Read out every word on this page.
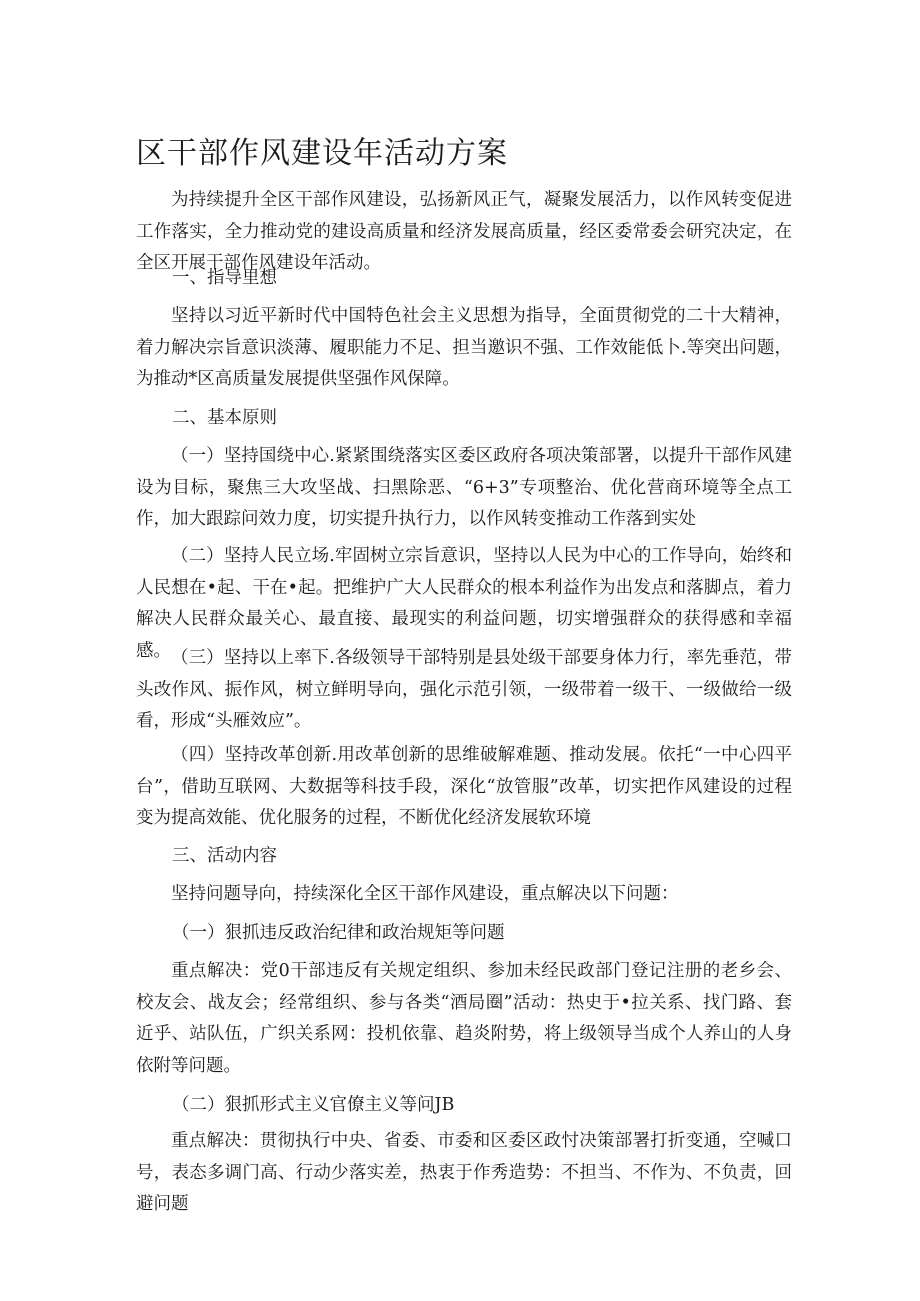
区干部作风建设年活动方案

为持续提升全区干部作风建设，弘扬新风正气，凝聚发展活力，以作风转变促进工作落实，全力推动党的建设高质量和经济发展高质量，经区委常委会研究决定，在全区开展干部作风建设年活动。

一、指导里想

坚持以习近平新时代中国特色社会主义思想为指导，全面贯彻党的二十大精神，着力解决宗旨意识淡薄、履职能力不足、担当邀识不强、工作效能低卜.等突出问题，为推动*区高质量发展提供坚强作风保障。

二、基本原则

（一）坚持国绕中心.紧紧围绕落实区委区政府各项决策部署，以提升干部作风建设为目标，聚焦三大攻坚战、扫黑除恶、“6+3”专项整治、优化营商环境等全点工作，加大跟踪问效力度，切实提升执行力，以作风转变推动工作落到实处

（二）坚持人民立场.牢固树立宗旨意识，坚持以人民为中心的工作导向，始终和人民想在•起、干在•起。把维护广大人民群众的根本利益作为出发点和落脚点，着力解决人民群众最关心、最直接、最现实的利益问题，切实增强群众的获得感和幸福感。 （三）坚持以上率下.各级领导干部特别是县处级干部要身体力行，率先垂范，带头改作风、振作风，树立鲜明导向，强化示范引领，一级带着一级干、一级做给一级看，形成“头雁效应”。

（四）坚持改革创新.用改革创新的思维破解难题、推动发展。依托“一中心四平台”，借助互联网、大数据等科技手段，深化“放管服”改革，切实把作风建设的过程变为提高效能、优化服务的过程，不断优化经济发展软环境

三、活动内容

坚持问题导向，持续深化全区干部作风建设，重点解决以下问题：

（一）狠抓违反政治纪律和政治规矩等问题

重点解决：党0干部违反有关规定组织、参加未经民政部门登记注册的老乡会、校友会、战友会；经常组织、参与各类“酒局圈”活动：热史于•拉关系、找门路、套近乎、站队伍，广织关系网：投机依靠、趋炎附势，将上级领导当成个人养山的人身依附等问题。

（二）狠抓形式主义官僚主义等问JB

重点解决：贯彻执行中央、省委、市委和区委区政忖决策部署打折变通，空喊口号，表态多调门高、行动少落实差，热衷于作秀造势：不担当、不作为、不负责，回避问题
